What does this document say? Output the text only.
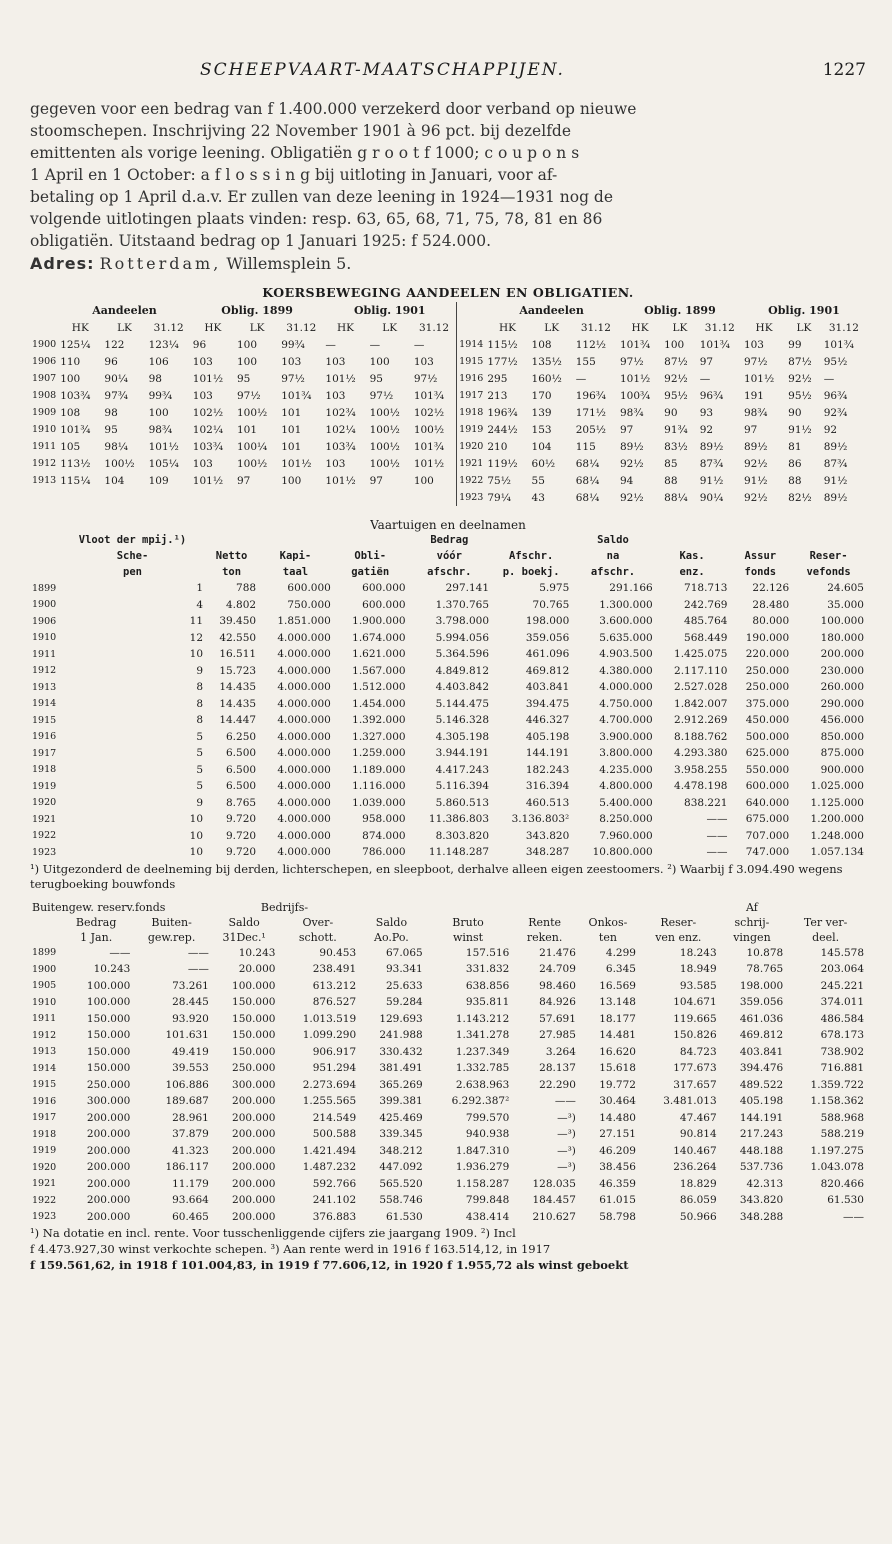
SCHEEPVAART-MAATSCHAPPIJEN.	1227

gegeven voor een bedrag van f 1.400.000 verzekerd door verband op nieuwe

stoomschepen. Inschrijving 22 November 1901 à 96 pct. bij dezelfde

emittenten als vorige leening. Obligatiën g r o o t f 1000; c o u p o n s

1 April en 1 October: a f l o s s i n g bij uitloting in Januari, voor af-

betaling op 1 April d.a.v. Er zullen van deze leening in 1924—1931 nog de

volgende uitlotingen plaats vinden: resp. 63, 65, 68, 71, 75, 78, 81 en 86

obligatiën. Uitstaand bedrag op 1 Januari 1925: f 524.000.

Adres: Rotterdam, Willemsplein 5.
KOERSBEWEGING AANDEELEN EN OBLIGATIEN.
	Aandeelen			Oblig. 1899			Oblig. 1901				Aandeelen			Oblig. 1899			Oblig. 1901		
	HK	LK	31.12	HK	LK	31.12	HK	LK	31.12		HK	LK	31.12	HK	LK	31.12	HK	LK	31.12
1900	125¼	122	123¼	96	100	99¾	—	—	—	1914	115½	108	112½	101¾	100	101¾	103	99	101¾
1906	110	96	106	103	100	103	103	100	103	1915	177½	135½	155	97½	87½	97	97½	87½	95½
1907	100	90¼	98	101½	95	97½	101½	95	97½	1916	295	160½	—	101½	92½	—	101½	92½	—
1908	103¾	97¾	99¾	103	97½	101¾	103	97½	101¾	1917	213	170	196¾	100¾	95½	96¾	191	95½	96¾
1909	108	98	100	102½	100½	101	102¾	100½	102½	1918	196¾	139	171½	98¾	90	93	98¾	90	92¾
1910	101¾	95	98¾	102¼	101	101	102¼	100½	100½	1919	244½	153	205½	97	91¾	92	97	91½	92
1911	105	98¼	101½	103¾	100¼	101	103¾	100½	101¾	1920	210	104	115	89½	83½	89½	89½	81	89½
1912	113½	100½	105¼	103	100½	101½	103	100½	101½	1921	119½	60½	68¼	92½	85	87¾	92½	86	87¾
1913	115¼	104	109	101½	97	100	101½	97	100	1922	75½	55	68¼	94	88	91½	91½	88	91½
										1923	79¼	43	68¼	92½	88¼	90¼	92½	82½	89½
Vaartuigen en deelnamen
	Vloot der mpij.¹)				Bedrag		Saldo			
	Sche-	Netto	Kapi-	Obli-	vóór	Afschr.	na	Kas.	Assur	Reser-
	pen	ton	taal	gatiën	afschr.	p. boekj.	afschr.	enz.	fonds	vefonds
1899	1	788	600.000	600.000	297.141	5.975	291.166	718.713	22.126	24.605
1900	4	4.802	750.000	600.000	1.370.765	70.765	1.300.000	242.769	28.480	35.000
1906	11	39.450	1.851.000	1.900.000	3.798.000	198.000	3.600.000	485.764	80.000	100.000
1910	12	42.550	4.000.000	1.674.000	5.994.056	359.056	5.635.000	568.449	190.000	180.000
1911	10	16.511	4.000.000	1.621.000	5.364.596	461.096	4.903.500	1.425.075	220.000	200.000
1912	9	15.723	4.000.000	1.567.000	4.849.812	469.812	4.380.000	2.117.110	250.000	230.000
1913	8	14.435	4.000.000	1.512.000	4.403.842	403.841	4.000.000	2.527.028	250.000	260.000
1914	8	14.435	4.000.000	1.454.000	5.144.475	394.475	4.750.000	1.842.007	375.000	290.000
1915	8	14.447	4.000.000	1.392.000	5.146.328	446.327	4.700.000	2.912.269	450.000	456.000
1916	5	6.250	4.000.000	1.327.000	4.305.198	405.198	3.900.000	8.188.762	500.000	850.000
1917	5	6.500	4.000.000	1.259.000	3.944.191	144.191	3.800.000	4.293.380	625.000	875.000
1918	5	6.500	4.000.000	1.189.000	4.417.243	182.243	4.235.000	3.958.255	550.000	900.000
1919	5	6.500	4.000.000	1.116.000	5.116.394	316.394	4.800.000	4.478.198	600.000	1.025.000
1920	9	8.765	4.000.000	1.039.000	5.860.513	460.513	5.400.000	838.221	640.000	1.125.000
1921	10	9.720	4.000.000	958.000	11.386.803	3.136.803²	8.250.000	——	675.000	1.200.000
1922	10	9.720	4.000.000	874.000	8.303.820	343.820	7.960.000	——	707.000	1.248.000
1923	10	9.720	4.000.000	786.000	11.148.287	348.287	10.800.000	——	747.000	1.057.134
¹) Uitgezonderd de deelneming bij derden, lichterschepen, en sleepboot, derhalve alleen eigen zeestoomers. ²) Waarbij f 3.094.490 wegens terugboeking bouwfonds
Buitengew. reserv.fonds			Bedrijfs-							Af	
	Bedrag	Buiten-	Saldo	Over-	Saldo	Bruto	Rente	Onkos-	Reser-	schrij-	Ter ver-
	1 Jan.	gew.rep.	31Dec.¹	schott.	Ao.Po.	winst	reken.	ten	ven enz.	vingen	deel.
1899	——	——	10.243	90.453	67.065	157.516	21.476	4.299	18.243	10.878	145.578
1900	10.243	——	20.000	238.491	93.341	331.832	24.709	6.345	18.949	78.765	203.064
1905	100.000	73.261	100.000	613.212	25.633	638.856	98.460	16.569	93.585	198.000	245.221
1910	100.000	28.445	150.000	876.527	59.284	935.811	84.926	13.148	104.671	359.056	374.011
1911	150.000	93.920	150.000	1.013.519	129.693	1.143.212	57.691	18.177	119.665	461.036	486.584
1912	150.000	101.631	150.000	1.099.290	241.988	1.341.278	27.985	14.481	150.826	469.812	678.173
1913	150.000	49.419	150.000	906.917	330.432	1.237.349	3.264	16.620	84.723	403.841	738.902
1914	150.000	39.553	250.000	951.294	381.491	1.332.785	28.137	15.618	177.673	394.476	716.881
1915	250.000	106.886	300.000	2.273.694	365.269	2.638.963	22.290	19.772	317.657	489.522	1.359.722
1916	300.000	189.687	200.000	1.255.565	399.381	6.292.387²	——	30.464	3.481.013	405.198	1.158.362
1917	200.000	28.961	200.000	214.549	425.469	799.570	—³)	14.480	47.467	144.191	588.968
1918	200.000	37.879	200.000	500.588	339.345	940.938	—³)	27.151	90.814	217.243	588.219
1919	200.000	41.323	200.000	1.421.494	348.212	1.847.310	—³)	46.209	140.467	448.188	1.197.275
1920	200.000	186.117	200.000	1.487.232	447.092	1.936.279	—³)	38.456	236.264	537.736	1.043.078
1921	200.000	11.179	200.000	592.766	565.520	1.158.287	128.035	46.359	18.829	42.313	820.466
1922	200.000	93.664	200.000	241.102	558.746	799.848	184.457	61.015	86.059	343.820	61.530
1923	200.000	60.465	200.000	376.883	61.530	438.414	210.627	58.798	50.966	348.288	——
¹) Na dotatie en incl. rente. Voor tusschenliggende cijfers zie jaargang 1909. ²) Incl
f 4.473.927,30 winst verkochte schepen. ³) Aan rente werd in 1916 f 163.514,12, in 1917
f 159.561,62, in 1918 f 101.004,83, in 1919 f 77.606,12, in 1920 f 1.955,72 als winst geboekt
